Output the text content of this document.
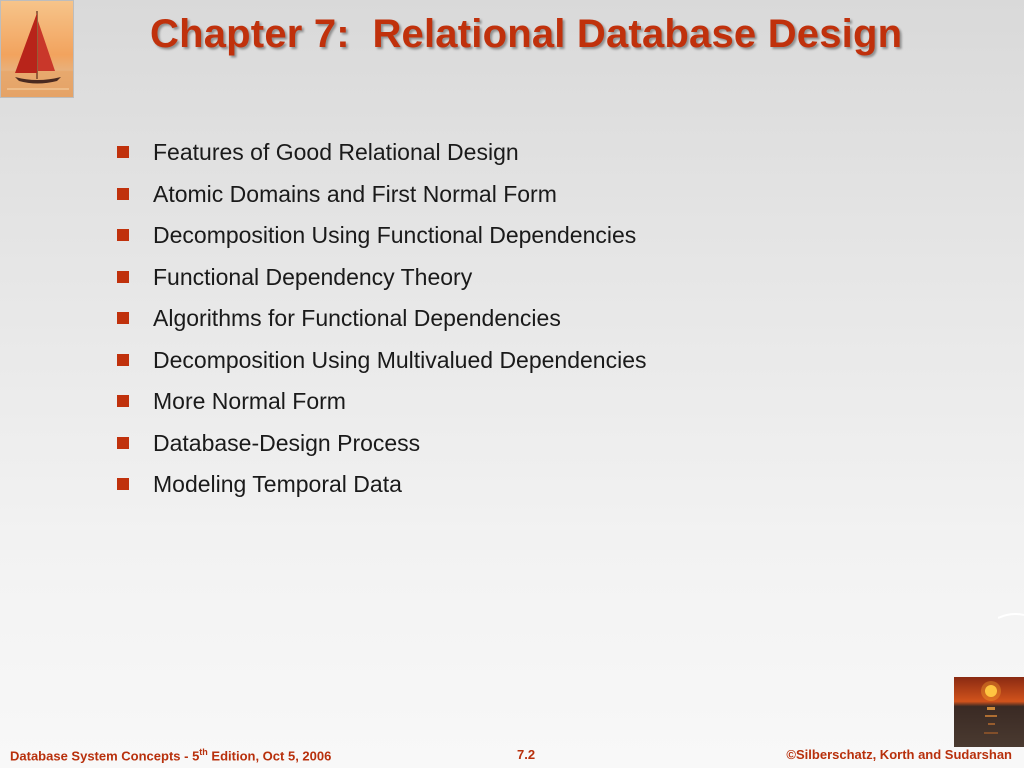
Chapter 7:  Relational Database Design
Features of Good Relational Design
Atomic Domains and First Normal Form
Decomposition Using Functional Dependencies
Functional Dependency Theory
Algorithms for Functional Dependencies
Decomposition Using Multivalued Dependencies
More Normal Form
Database-Design Process
Modeling Temporal Data
Database System Concepts - 5th Edition, Oct 5, 2006	7.2	©Silberschatz, Korth and Sudarshan
